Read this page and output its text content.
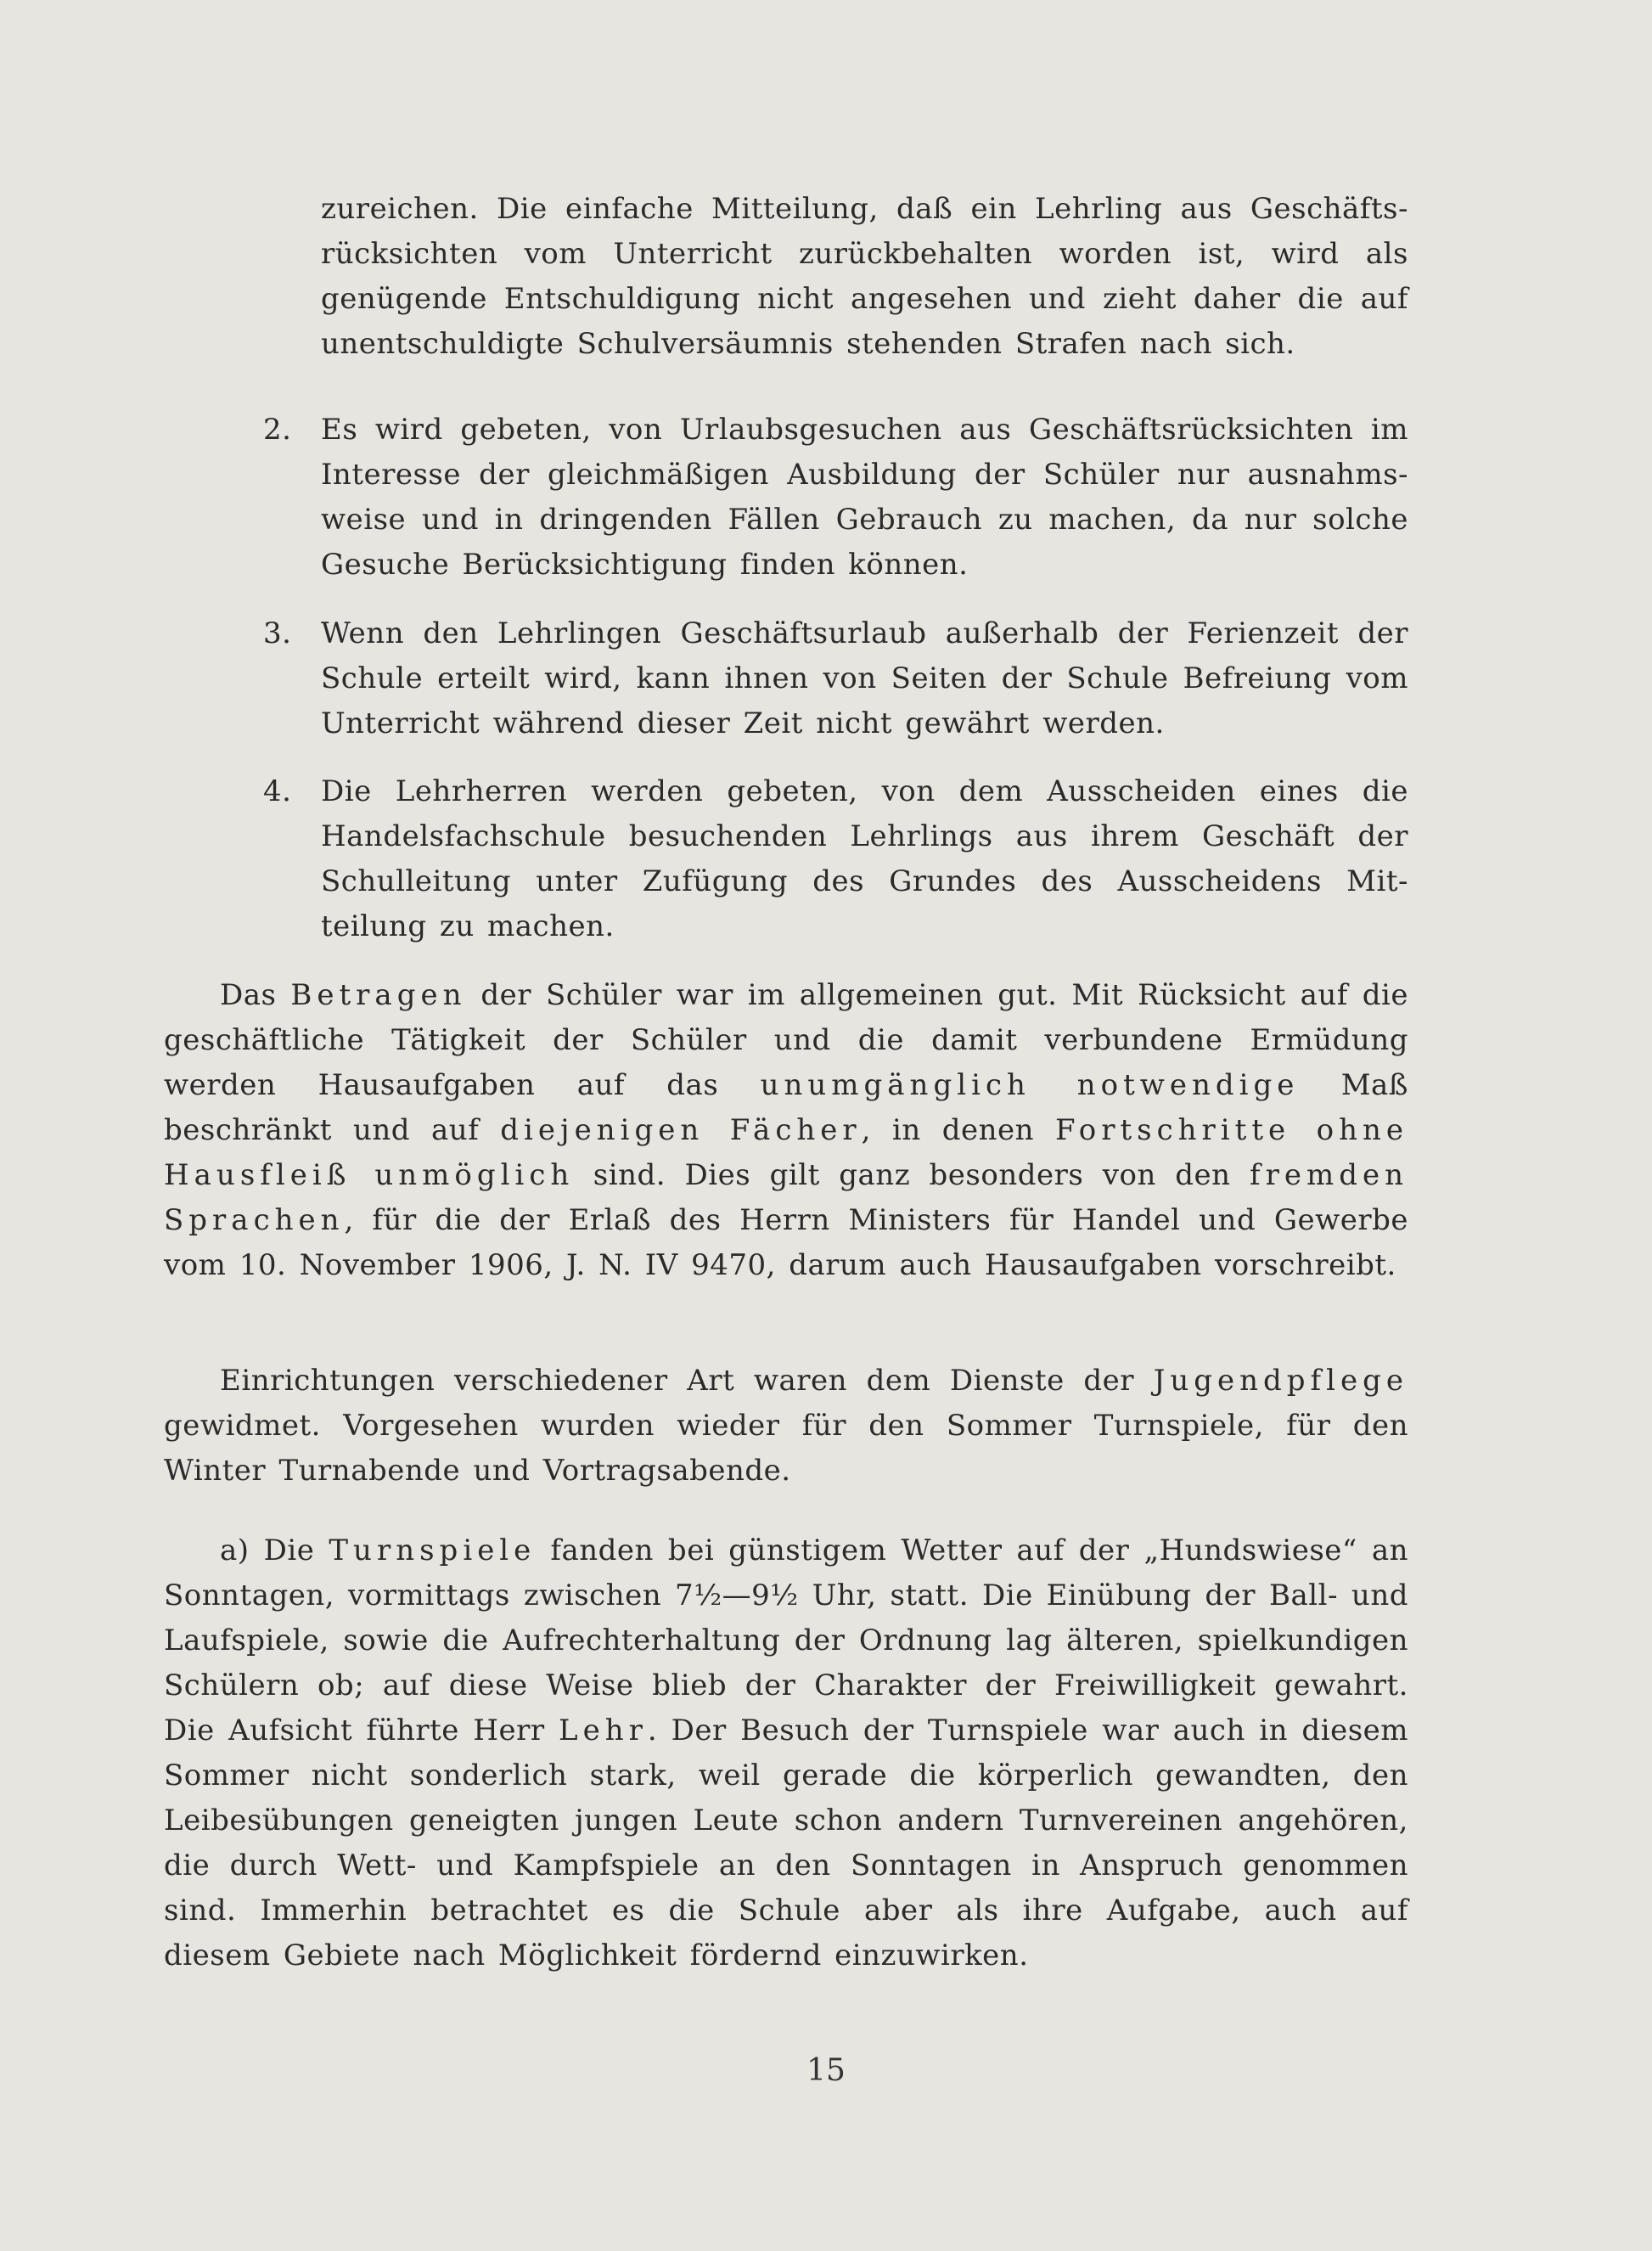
zureichen. Die einfache Mitteilung, daß ein Lehrling aus Geschäfts-rücksichten vom Unterricht zurückbehalten worden ist, wird als genügende Entschuldigung nicht angesehen und zieht daher die auf unentschuldigte Schulversäumnis stehenden Strafen nach sich.
2.	Es wird gebeten, von Urlaubsgesuchen aus Geschäftsrücksichten im Interesse der gleichmäßigen Ausbildung der Schüler nur ausnahms-weise und in dringenden Fällen Gebrauch zu machen, da nur solche Gesuche Berücksichtigung finden können.
3.	Wenn den Lehrlingen Geschäftsurlaub außerhalb der Ferienzeit der Schule erteilt wird, kann ihnen von Seiten der Schule Befreiung vom Unterricht während dieser Zeit nicht gewährt werden.
4.	Die Lehrherren werden gebeten, von dem Ausscheiden eines die Handelsfachschule besuchenden Lehrlings aus ihrem Geschäft der Schulleitung unter Zufügung des Grundes des Ausscheidens Mit-teilung zu machen.
Das Betragen der Schüler war im allgemeinen gut. Mit Rücksicht auf die geschäftliche Tätigkeit der Schüler und die damit verbundene Ermüdung werden Hausaufgaben auf das unumgänglich notwendige Maß beschränkt und auf diejenigen Fächer, in denen Fortschritte ohne Hausfleiß unmöglich sind. Dies gilt ganz besonders von den fremden Sprachen, für die der Erlaß des Herrn Ministers für Handel und Gewerbe vom 10. November 1906, J. N. IV 9470, darum auch Hausaufgaben vorschreibt.
Einrichtungen verschiedener Art waren dem Dienste der Jugendpflege gewidmet. Vorgesehen wurden wieder für den Sommer Turnspiele, für den Winter Turnabende und Vortragsabende.
a) Die Turnspiele fanden bei günstigem Wetter auf der „Hundswiese“ an Sonntagen, vormittags zwischen 7½—9½ Uhr, statt. Die Einübung der Ball- und Laufspiele, sowie die Aufrechterhaltung der Ordnung lag älteren, spielkundigen Schülern ob; auf diese Weise blieb der Charakter der Freiwilligkeit gewahrt. Die Aufsicht führte Herr Lehr. Der Besuch der Turnspiele war auch in diesem Sommer nicht sonderlich stark, weil gerade die körperlich gewandten, den Leibesübungen geneigten jungen Leute schon andern Turnvereinen angehören, die durch Wett- und Kampfspiele an den Sonntagen in Anspruch genommen sind. Immerhin betrachtet es die Schule aber als ihre Aufgabe, auch auf diesem Gebiete nach Möglichkeit fördernd einzuwirken.
15
